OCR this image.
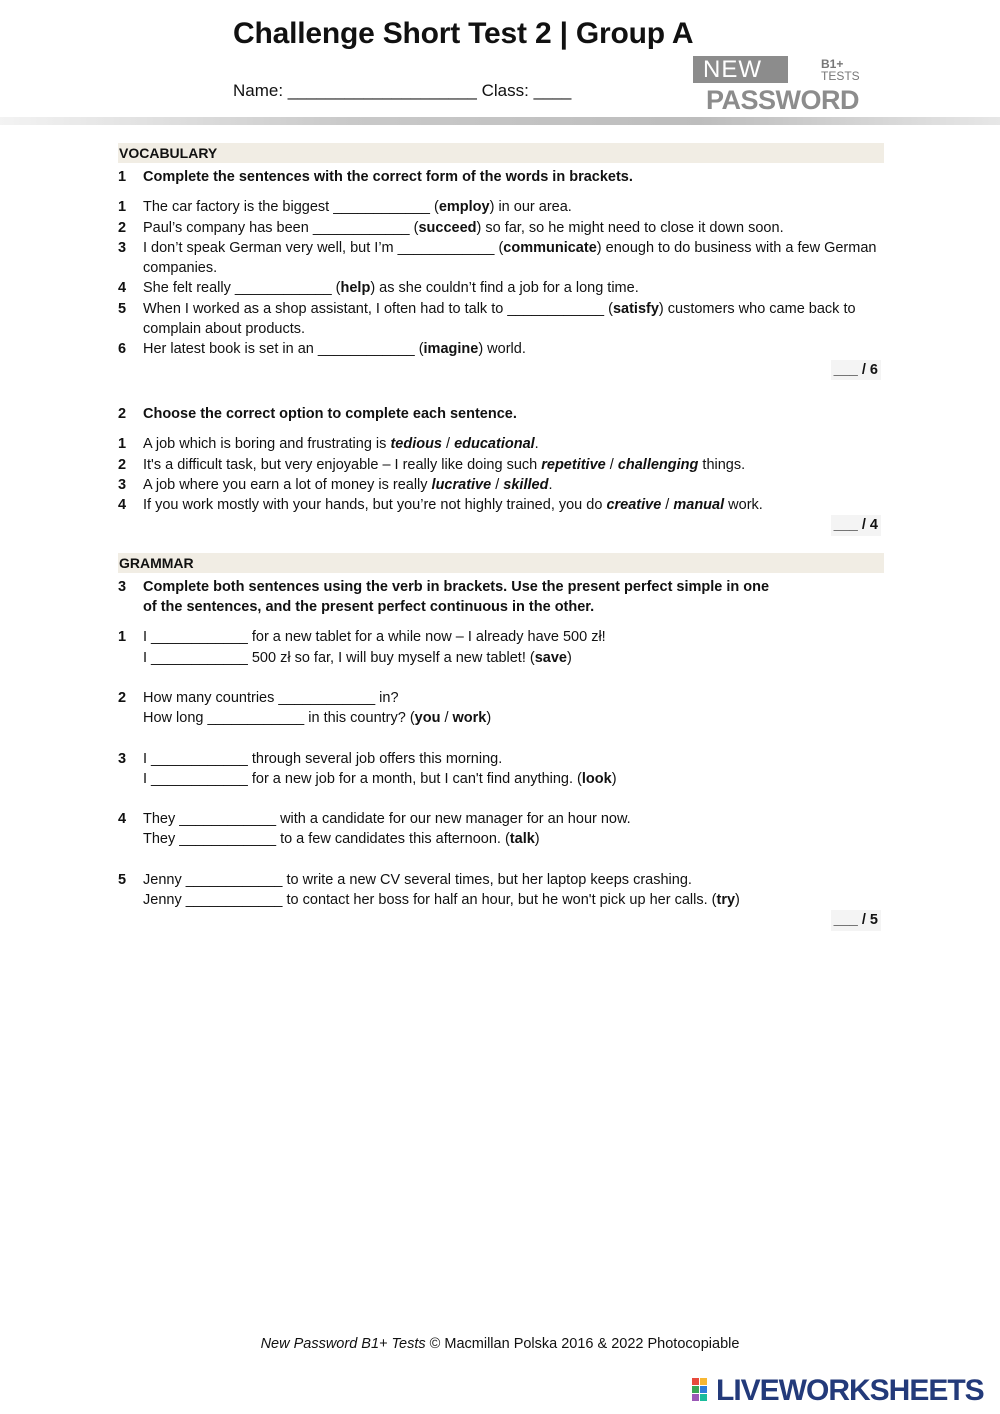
Challenge Short Test 2 | Group A
Name: ____________________ Class: ____
NEW	B1+
TESTS
PASSWORD
VOCABULARY
1	Complete the sentences with the correct form of the words in brackets.
1	The car factory is the biggest ____________ (employ) in our area.
2	Paul’s company has been ____________ (succeed) so far, so he might need to close it down soon.
3	I don’t speak German very well, but I’m ____________ (communicate) enough to do business with a few German companies.
4	She felt really ____________ (help) as she couldn’t find a job for a long time.
5	When I worked as a shop assistant, I often had to talk to ____________ (satisfy) customers who came back to complain about products.
6	Her latest book is set in an ____________ (imagine) world.
___ / 6
2	Choose the correct option to complete each sentence.
1	A job which is boring and frustrating is tedious / educational.
2	It's a difficult task, but very enjoyable – I really like doing such repetitive / challenging things.
3	A job where you earn a lot of money is really lucrative / skilled.
4	If you work mostly with your hands, but you’re not highly trained, you do creative / manual work.
___ / 4
GRAMMAR
3	Complete both sentences using the verb in brackets. Use the present perfect simple in one of the sentences, and the present perfect continuous in the other.
1	I ____________ for a new tablet for a while now – I already have 500 zł!
I ____________ 500 zł so far, I will buy myself a new tablet! (save)
2	How many countries ____________ in?
How long ____________ in this country? (you / work)
3	I ____________ through several job offers this morning.
I ____________ for a new job for a month, but I can't find anything. (look)
4	They ____________ with a candidate for our new manager for an hour now.
They ____________ to a few candidates this afternoon. (talk)
5	Jenny ____________ to write a new CV several times, but her laptop keeps crashing.
Jenny ____________ to contact her boss for half an hour, but he won't pick up her calls. (try)
___ / 5
New Password B1+ Tests © Macmillan Polska 2016 & 2022 Photocopiable
LIVEWORKSHEETS
